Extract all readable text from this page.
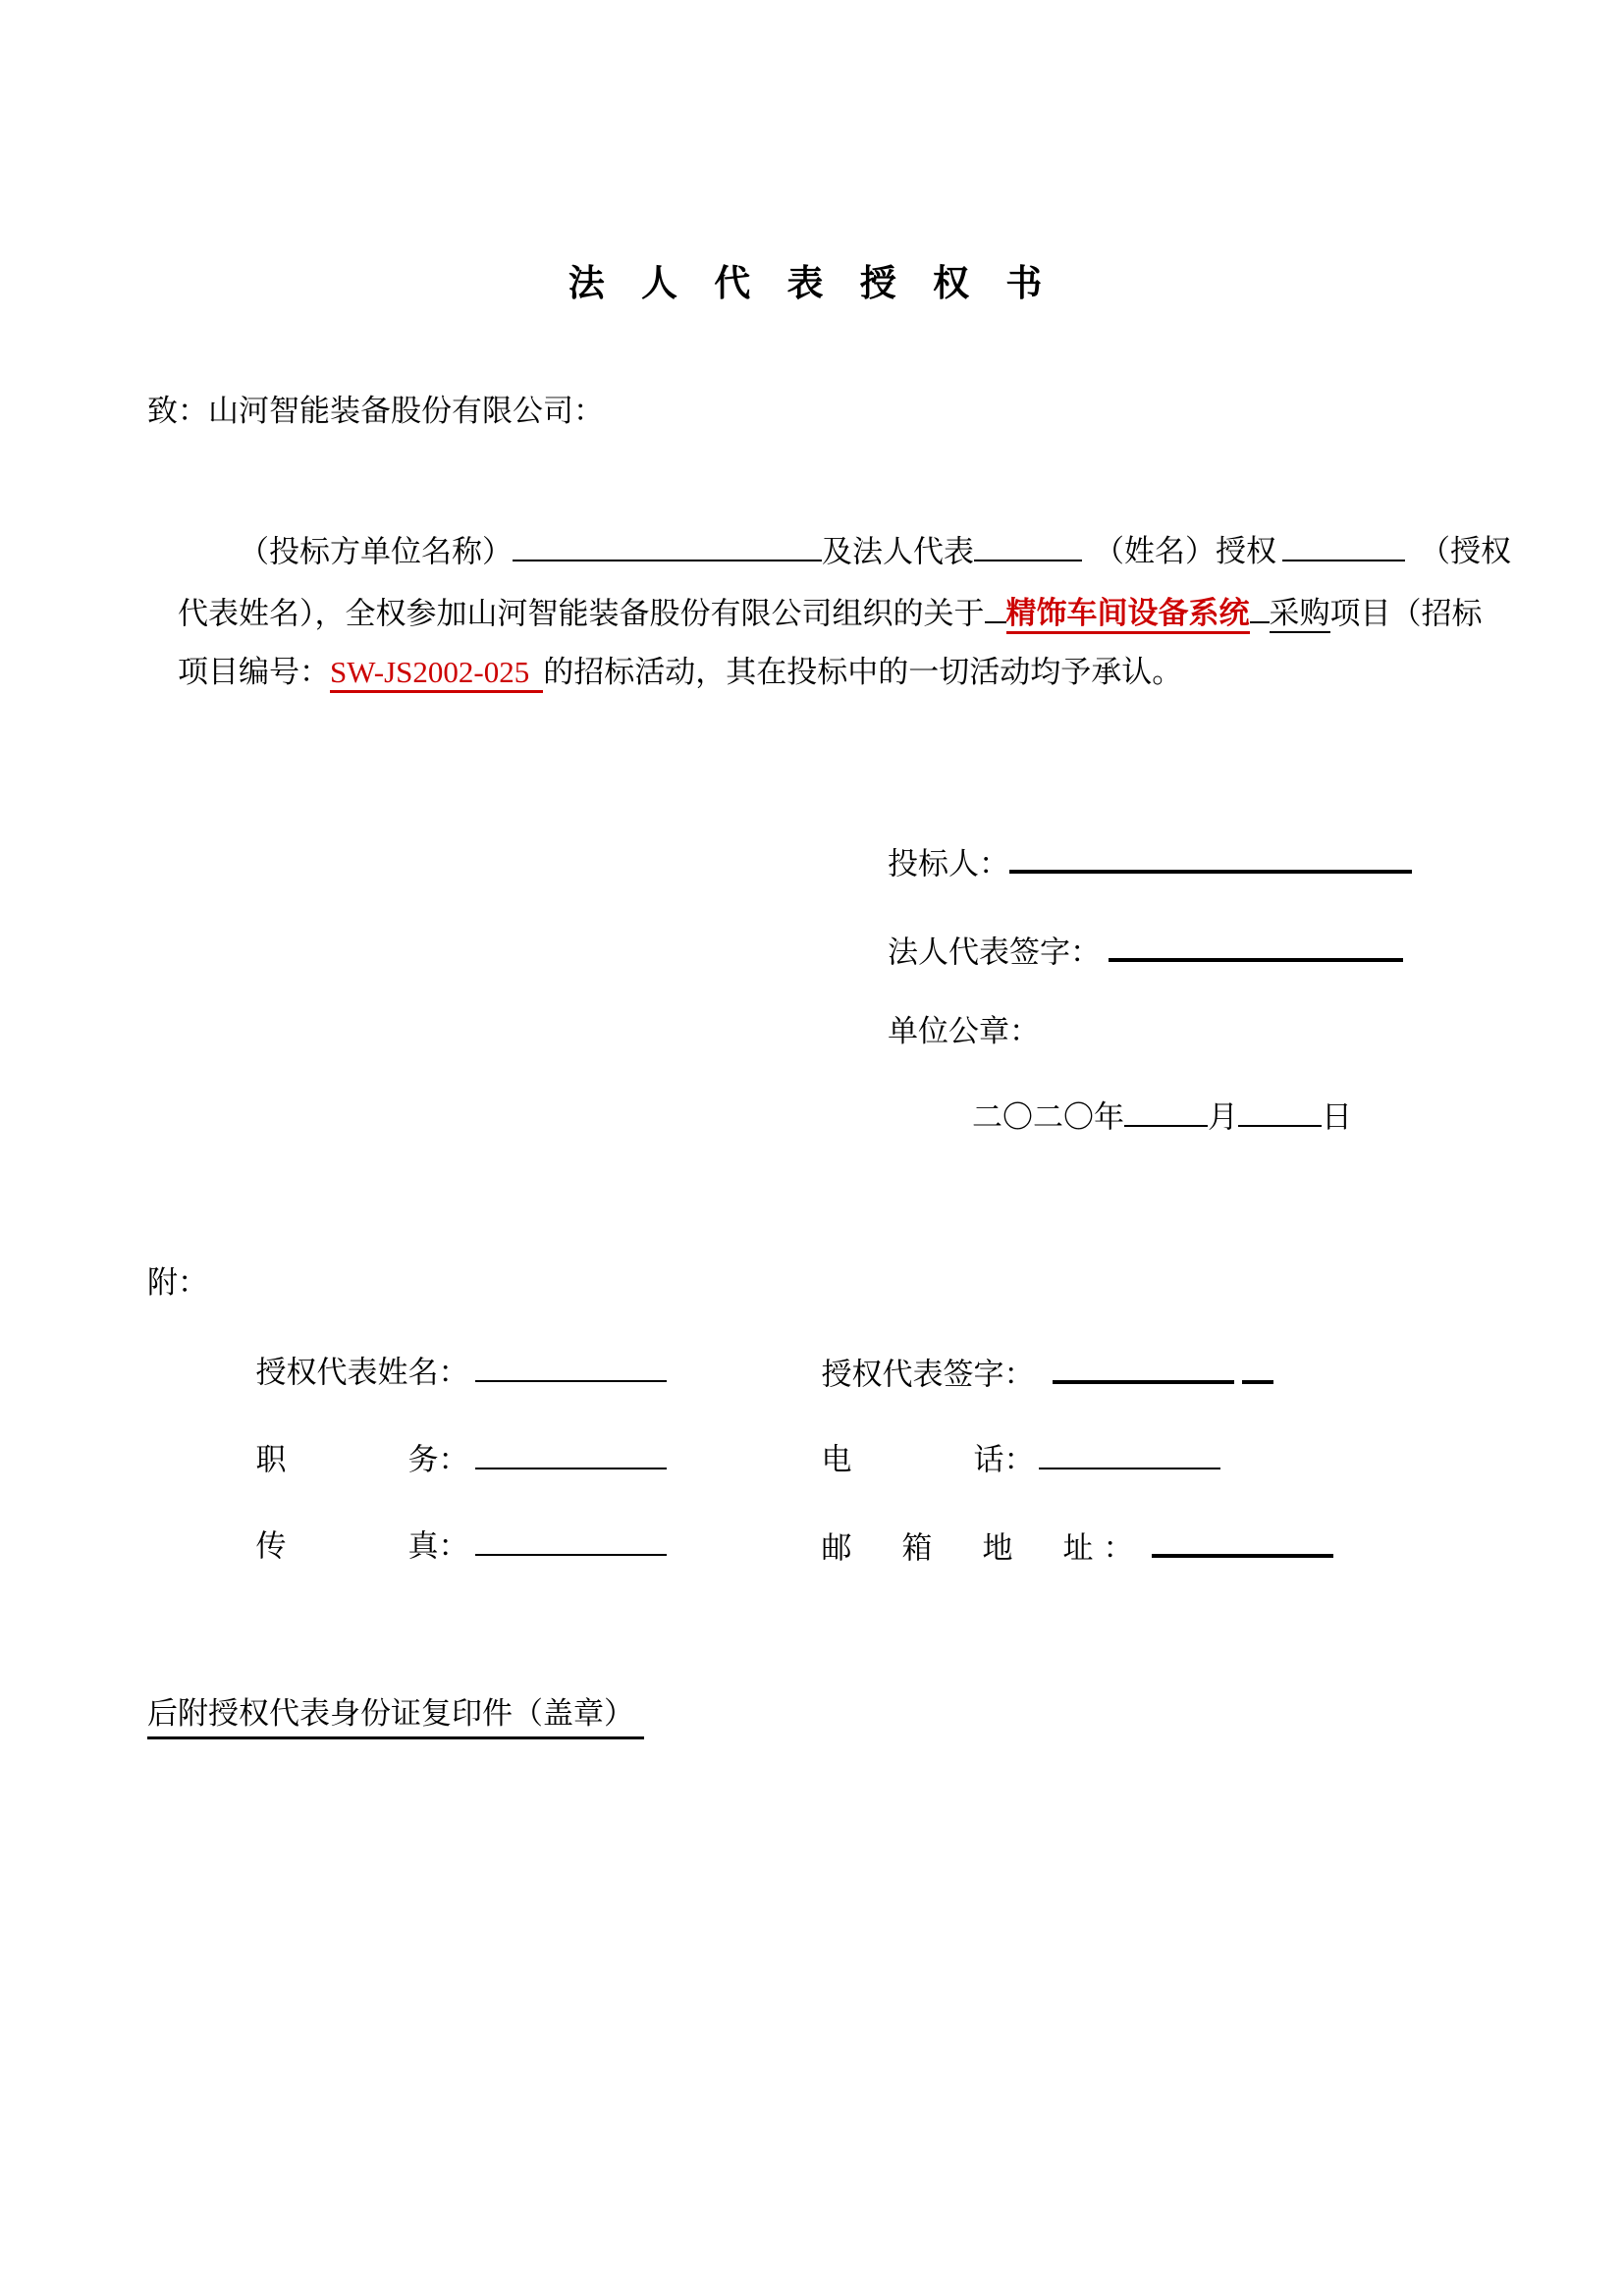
法 人 代 表 授 权 书
致：山河智能装备股份有限公司：

（投标方单位名称）	及法人代表	（姓名）授权	（授权

代表姓名），全权参加山河智能装备股份有限公司组织的关于 精饰车间设备系统 采购项目（招标

项目编号：SW-JS2002-025 的招标活动，其在投标中的一切活动均予承认。

投标人：

法人代表签字：

单位公章：

二〇二〇年	月	日

附：

授权代表姓名：
	授权代表签字：

职　　　　务：
	电　　　　话：

传　　　　真：
	邮　箱　地　址：

后附授权代表身份证复印件（盖章）
